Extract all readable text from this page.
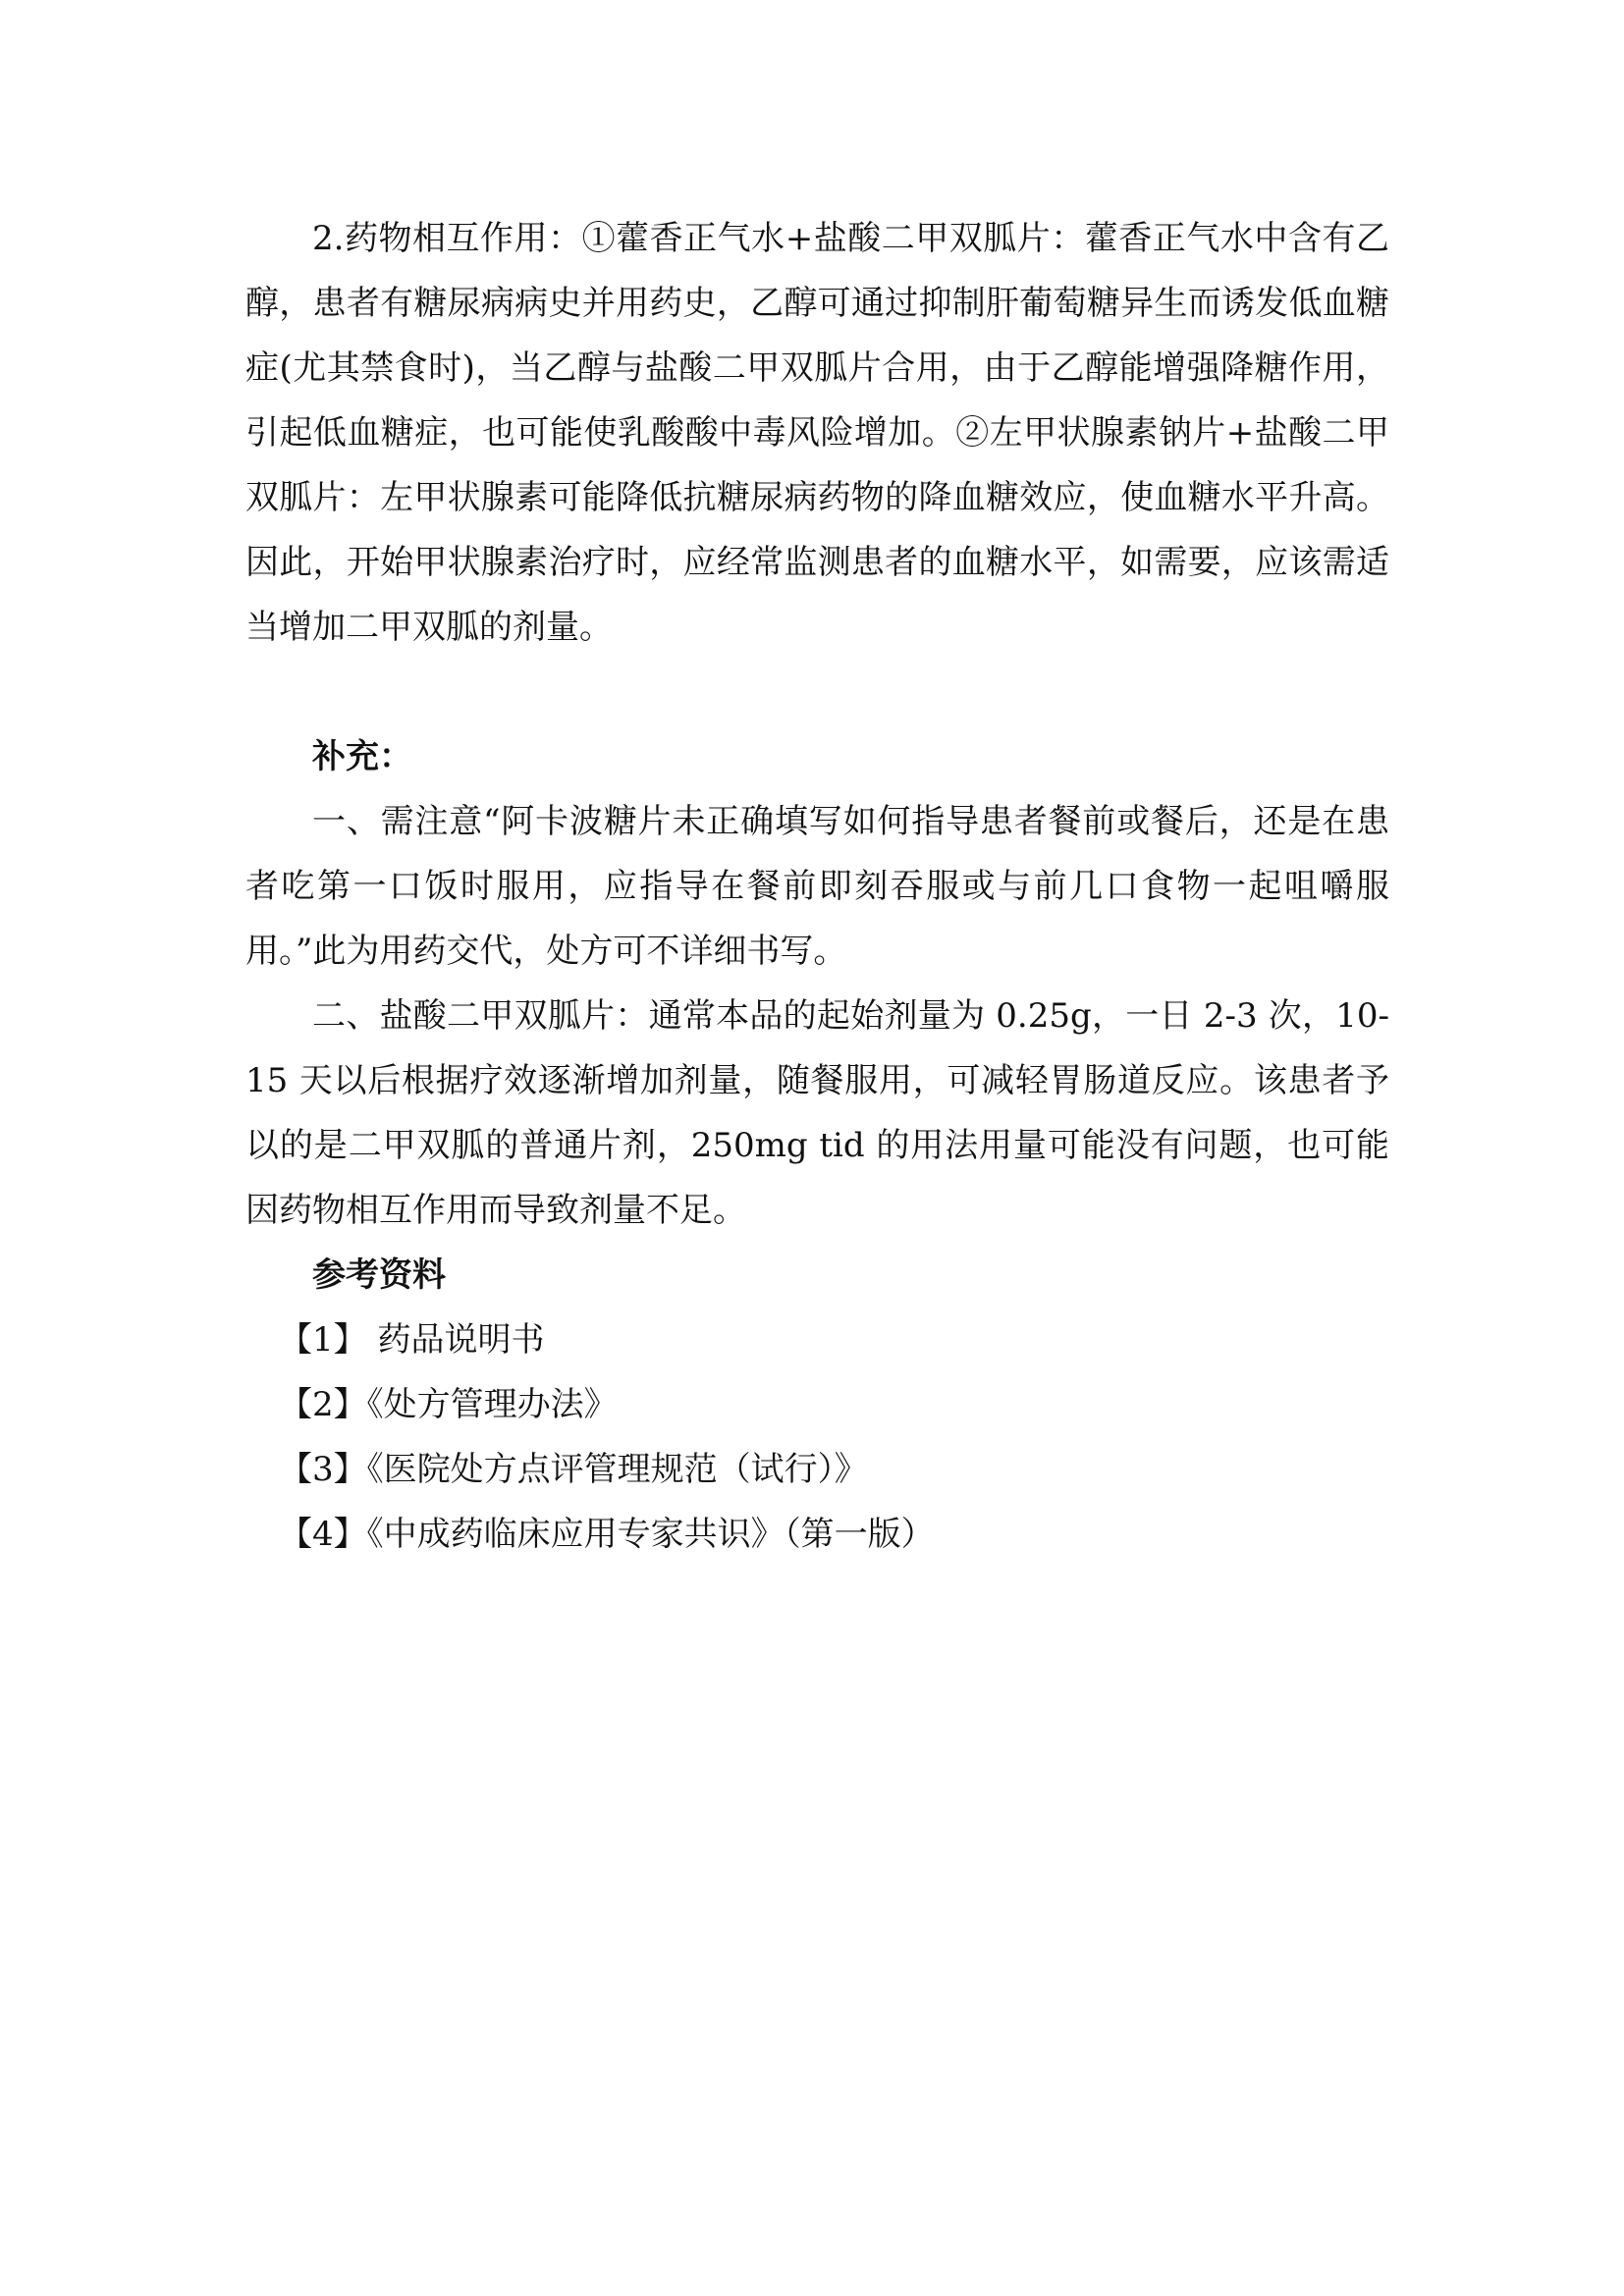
2.药物相互作用：①藿香正气水+盐酸二甲双胍片：藿香正气水中含有乙醇，患者有糖尿病病史并用药史，乙醇可通过抑制肝葡萄糖异生而诱发低血糖症(尤其禁食时)，当乙醇与盐酸二甲双胍片合用，由于乙醇能增强降糖作用，引起低血糖症，也可能使乳酸酸中毒风险增加。②左甲状腺素钠片+盐酸二甲双胍片：左甲状腺素可能降低抗糖尿病药物的降血糖效应，使血糖水平升高。因此，开始甲状腺素治疗时，应经常监测患者的血糖水平，如需要，应该需适当增加二甲双胍的剂量。

补充：

一、需注意“阿卡波糖片未正确填写如何指导患者餐前或餐后，还是在患者吃第一口饭时服用，应指导在餐前即刻吞服或与前几口食物一起咀嚼服用。”此为用药交代，处方可不详细书写。

二、盐酸二甲双胍片：通常本品的起始剂量为 0.25g，一日 2-3 次，10-15 天以后根据疗效逐渐增加剂量，随餐服用，可减轻胃肠道反应。该患者予以的是二甲双胍的普通片剂，250mg tid 的用法用量可能没有问题，也可能因药物相互作用而导致剂量不足。

参考资料

【1】 药品说明书
【2】《处方管理办法》
【3】《医院处方点评管理规范（试行）》
【4】《中成药临床应用专家共识》（第一版）
